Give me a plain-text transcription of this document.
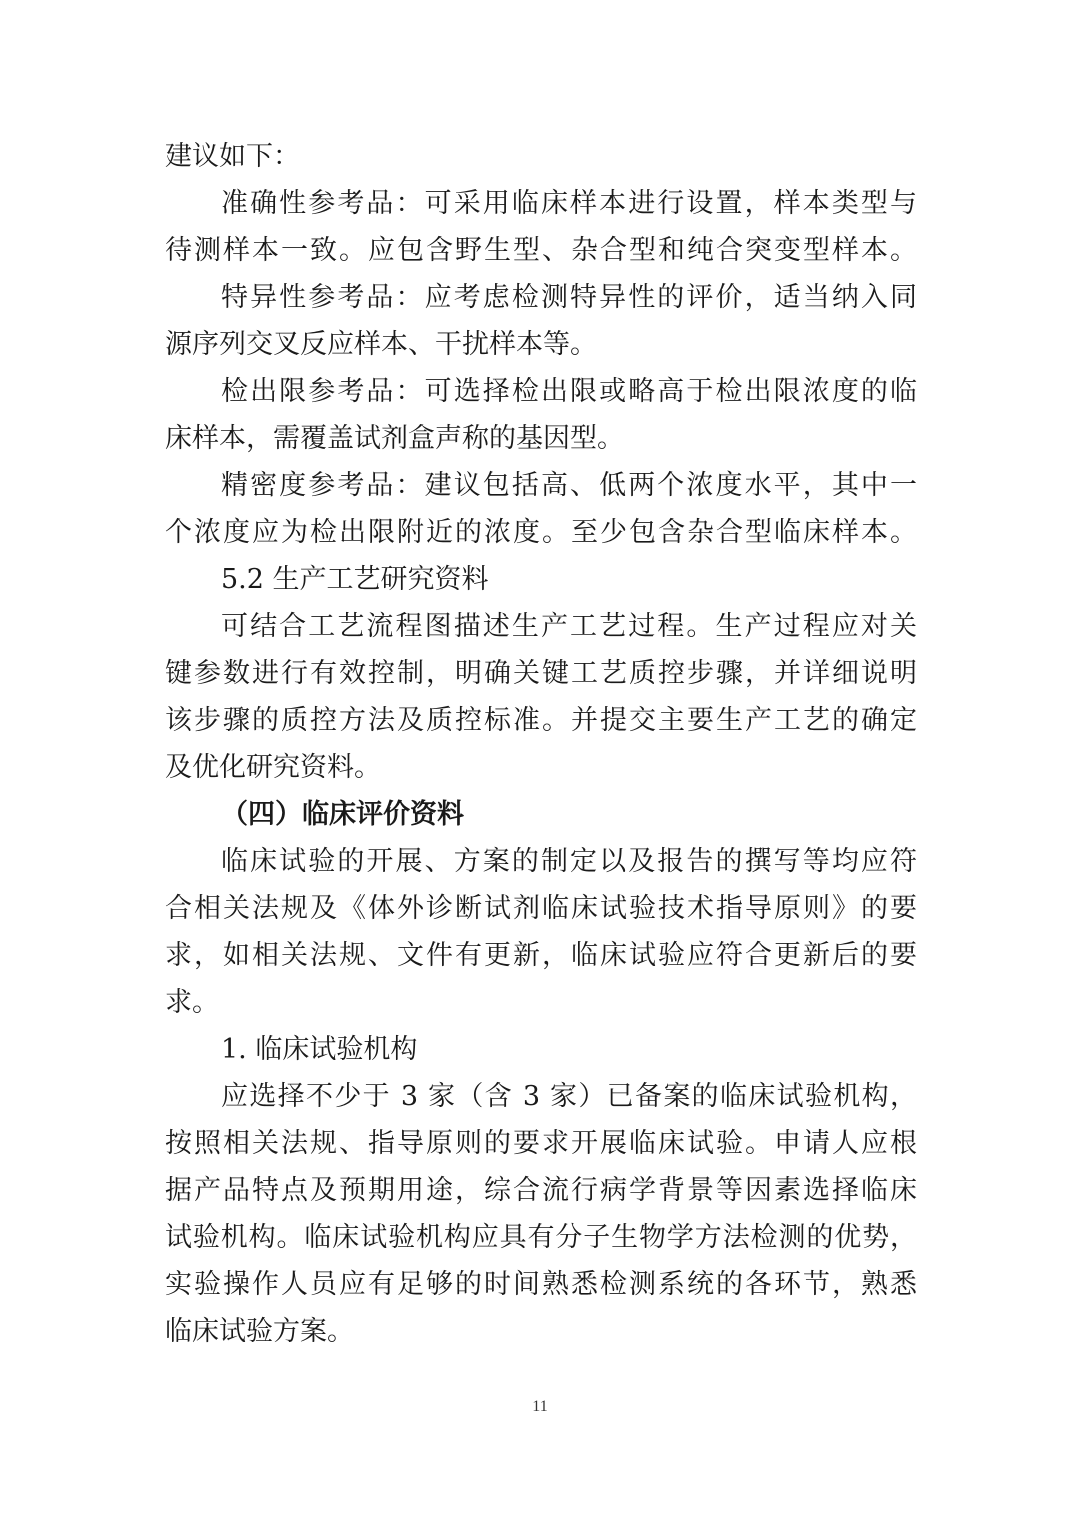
建议如下：
准确性参考品：可采用临床样本进行设置，样本类型与
待测样本一致。应包含野生型、杂合型和纯合突变型样本。
特异性参考品：应考虑检测特异性的评价，适当纳入同
源序列交叉反应样本、干扰样本等。
检出限参考品：可选择检出限或略高于检出限浓度的临
床样本，需覆盖试剂盒声称的基因型。
精密度参考品：建议包括高、低两个浓度水平，其中一
个浓度应为检出限附近的浓度。至少包含杂合型临床样本。
5.2 生产工艺研究资料
可结合工艺流程图描述生产工艺过程。生产过程应对关
键参数进行有效控制，明确关键工艺质控步骤，并详细说明
该步骤的质控方法及质控标准。并提交主要生产工艺的确定
及优化研究资料。
（四）临床评价资料
临床试验的开展、方案的制定以及报告的撰写等均应符
合相关法规及《体外诊断试剂临床试验技术指导原则》的要
求，如相关法规、文件有更新，临床试验应符合更新后的要
求。
1. 临床试验机构
应选择不少于 3 家（含 3 家）已备案的临床试验机构，
按照相关法规、指导原则的要求开展临床试验。申请人应根
据产品特点及预期用途，综合流行病学背景等因素选择临床
试验机构。临床试验机构应具有分子生物学方法检测的优势，
实验操作人员应有足够的时间熟悉检测系统的各环节，熟悉
临床试验方案。
11
